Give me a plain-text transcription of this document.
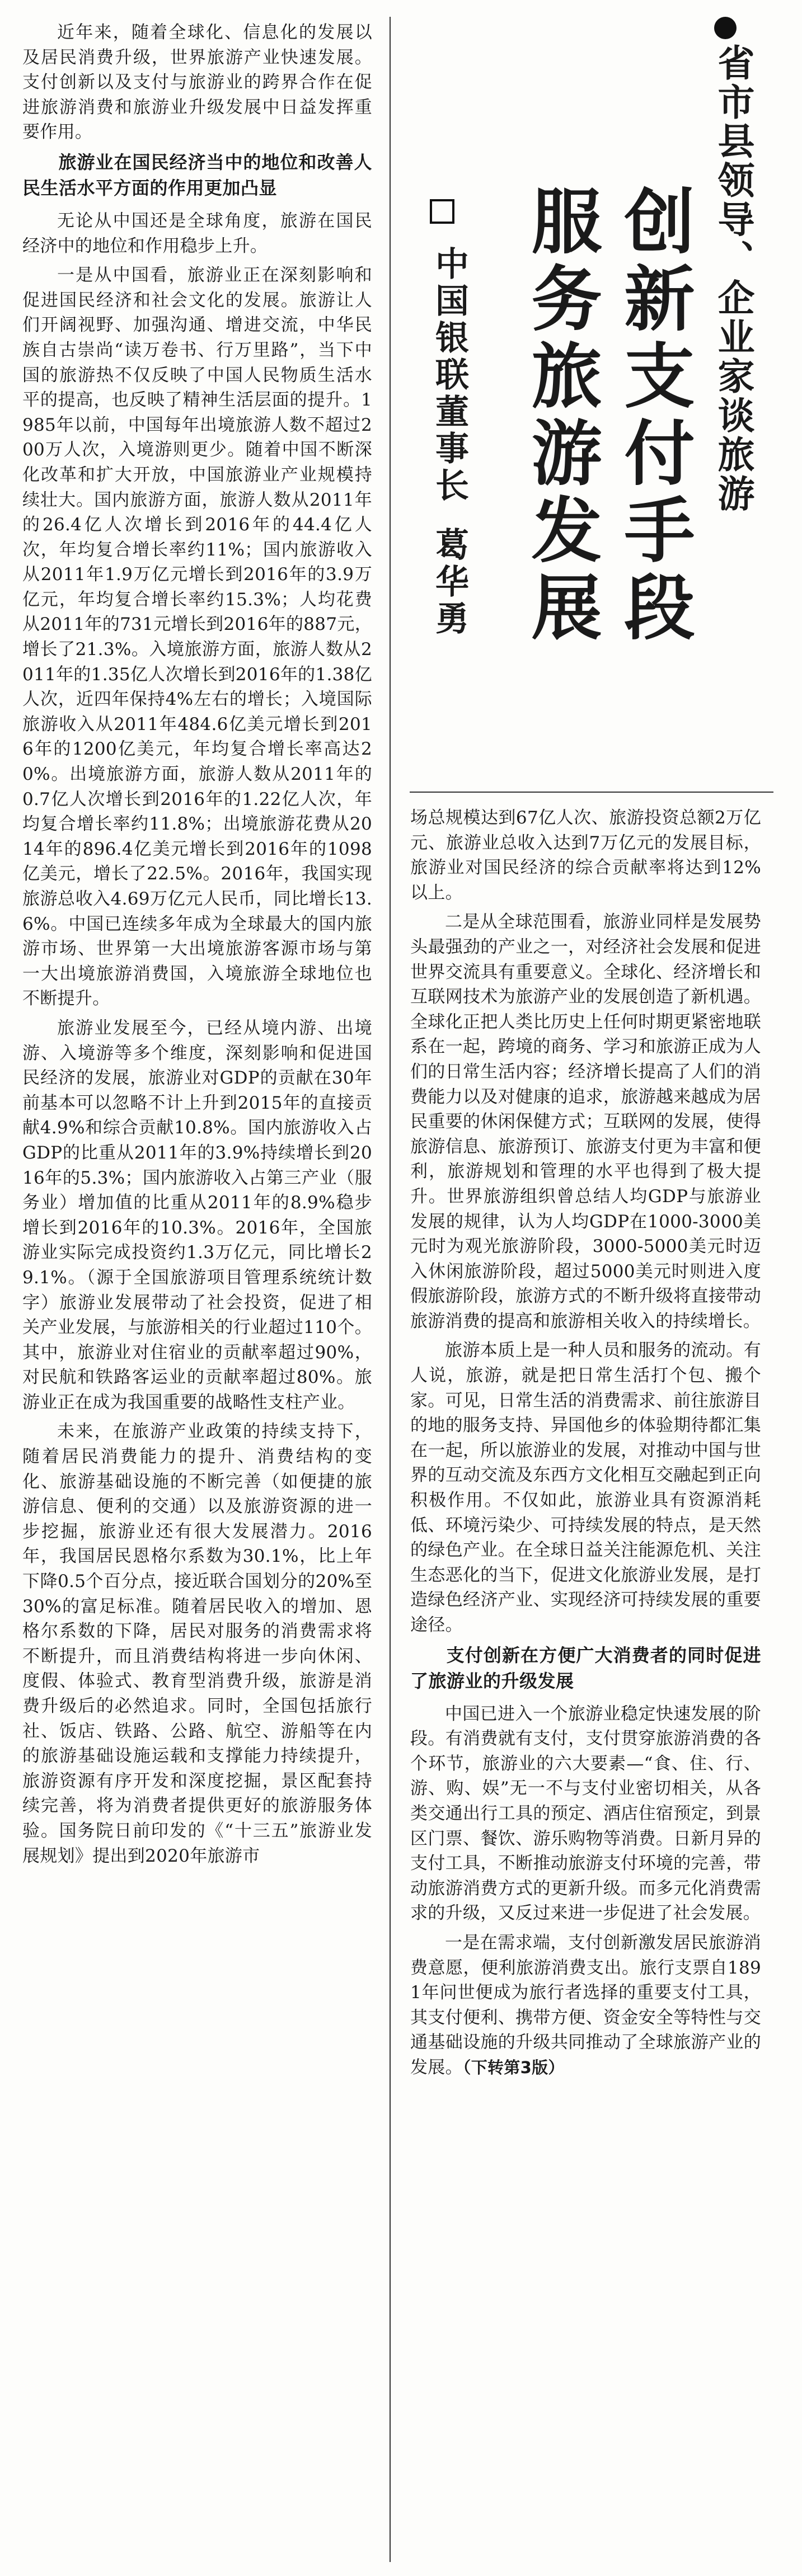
省市县领导、企业家谈旅游
创新支付手段
服务旅游发展
中国银联董事长葛华勇

近年来，随着全球化、信息化的发展以及居民消费升级，世界旅游产业快速发展。支付创新以及支付与旅游业的跨界合作在促进旅游消费和旅游业升级发展中日益发挥重要作用。

旅游业在国民经济当中的地位和改善人民生活水平方面的作用更加凸显

无论从中国还是全球角度，旅游在国民经济中的地位和作用稳步上升。

一是从中国看，旅游业正在深刻影响和促进国民经济和社会文化的发展。旅游让人们开阔视野、加强沟通、增进交流，中华民族自古崇尚“读万卷书、行万里路”，当下中国的旅游热不仅反映了中国人民物质生活水平的提高，也反映了精神生活层面的提升。1985年以前，中国每年出境旅游人数不超过200万人次，入境游则更少。随着中国不断深化改革和扩大开放，中国旅游业产业规模持续壮大。国内旅游方面，旅游人数从2011年的26.4亿人次增长到2016年的44.4亿人次，年均复合增长率约11%；国内旅游收入从2011年1.9万亿元增长到2016年的3.9万亿元，年均复合增长率约15.3%；人均花费从2011年的731元增长到2016年的887元，增长了21.3%。入境旅游方面，旅游人数从2011年的1.35亿人次增长到2016年的1.38亿人次，近四年保持4%左右的增长；入境国际旅游收入从2011年484.6亿美元增长到2016年的1200亿美元，年均复合增长率高达20%。出境旅游方面，旅游人数从2011年的0.7亿人次增长到2016年的1.22亿人次，年均复合增长率约11.8%；出境旅游花费从2014年的896.4亿美元增长到2016年的1098亿美元，增长了22.5%。2016年，我国实现旅游总收入4.69万亿元人民币，同比增长13.6%。中国已连续多年成为全球最大的国内旅游市场、世界第一大出境旅游客源市场与第一大出境旅游消费国，入境旅游全球地位也不断提升。

旅游业发展至今，已经从境内游、出境游、入境游等多个维度，深刻影响和促进国民经济的发展，旅游业对GDP的贡献在30年前基本可以忽略不计上升到2015年的直接贡献4.9%和综合贡献10.8%。国内旅游收入占GDP的比重从2011年的3.9%持续增长到2016年的5.3%；国内旅游收入占第三产业（服务业）增加值的比重从2011年的8.9%稳步增长到2016年的10.3%。2016年，全国旅游业实际完成投资约1.3万亿元，同比增长29.1%。（源于全国旅游项目管理系统统计数字）旅游业发展带动了社会投资，促进了相关产业发展，与旅游相关的行业超过110个。其中，旅游业对住宿业的贡献率超过90%，对民航和铁路客运业的贡献率超过80%。旅游业正在成为我国重要的战略性支柱产业。

未来，在旅游产业政策的持续支持下，随着居民消费能力的提升、消费结构的变化、旅游基础设施的不断完善（如便捷的旅游信息、便利的交通）以及旅游资源的进一步挖掘，旅游业还有很大发展潜力。2016年，我国居民恩格尔系数为30.1%，比上年下降0.5个百分点，接近联合国划分的20%至30%的富足标准。随着居民收入的增加、恩格尔系数的下降，居民对服务的消费需求将不断提升，而且消费结构将进一步向休闲、度假、体验式、教育型消费升级，旅游是消费升级后的必然追求。同时，全国包括旅行社、饭店、铁路、公路、航空、游船等在内的旅游基础设施运载和支撑能力持续提升，旅游资源有序开发和深度挖掘，景区配套持续完善，将为消费者提供更好的旅游服务体验。国务院日前印发的《“十三五”旅游业发展规划》提出到2020年旅游市

场总规模达到67亿人次、旅游投资总额2万亿元、旅游业总收入达到7万亿元的发展目标，旅游业对国民经济的综合贡献率将达到12%以上。

二是从全球范围看，旅游业同样是发展势头最强劲的产业之一，对经济社会发展和促进世界交流具有重要意义。全球化、经济增长和互联网技术为旅游产业的发展创造了新机遇。全球化正把人类比历史上任何时期更紧密地联系在一起，跨境的商务、学习和旅游正成为人们的日常生活内容；经济增长提高了人们的消费能力以及对健康的追求，旅游越来越成为居民重要的休闲保健方式；互联网的发展，使得旅游信息、旅游预订、旅游支付更为丰富和便利，旅游规划和管理的水平也得到了极大提升。世界旅游组织曾总结人均GDP与旅游业发展的规律，认为人均GDP在1000-3000美元时为观光旅游阶段，3000-5000美元时迈入休闲旅游阶段，超过5000美元时则进入度假旅游阶段，旅游方式的不断升级将直接带动旅游消费的提高和旅游相关收入的持续增长。

旅游本质上是一种人员和服务的流动。有人说，旅游，就是把日常生活打个包、搬个家。可见，日常生活的消费需求、前往旅游目的地的服务支持、异国他乡的体验期待都汇集在一起，所以旅游业的发展，对推动中国与世界的互动交流及东西方文化相互交融起到正向积极作用。不仅如此，旅游业具有资源消耗低、环境污染少、可持续发展的特点，是天然的绿色产业。在全球日益关注能源危机、关注生态恶化的当下，促进文化旅游业发展，是打造绿色经济产业、实现经济可持续发展的重要途径。

支付创新在方便广大消费者的同时促进了旅游业的升级发展

中国已进入一个旅游业稳定快速发展的阶段。有消费就有支付，支付贯穿旅游消费的各个环节，旅游业的六大要素—“食、住、行、游、购、娱”无一不与支付业密切相关，从各类交通出行工具的预定、酒店住宿预定，到景区门票、餐饮、游乐购物等消费。日新月异的支付工具，不断推动旅游支付环境的完善，带动旅游消费方式的更新升级。而多元化消费需求的升级，又反过来进一步促进了社会发展。

一是在需求端，支付创新激发居民旅游消费意愿，便利旅游消费支出。旅行支票自1891年问世便成为旅行者选择的重要支付工具，其支付便利、携带方便、资金安全等特性与交通基础设施的升级共同推动了全球旅游产业的发展。（下转第3版）
